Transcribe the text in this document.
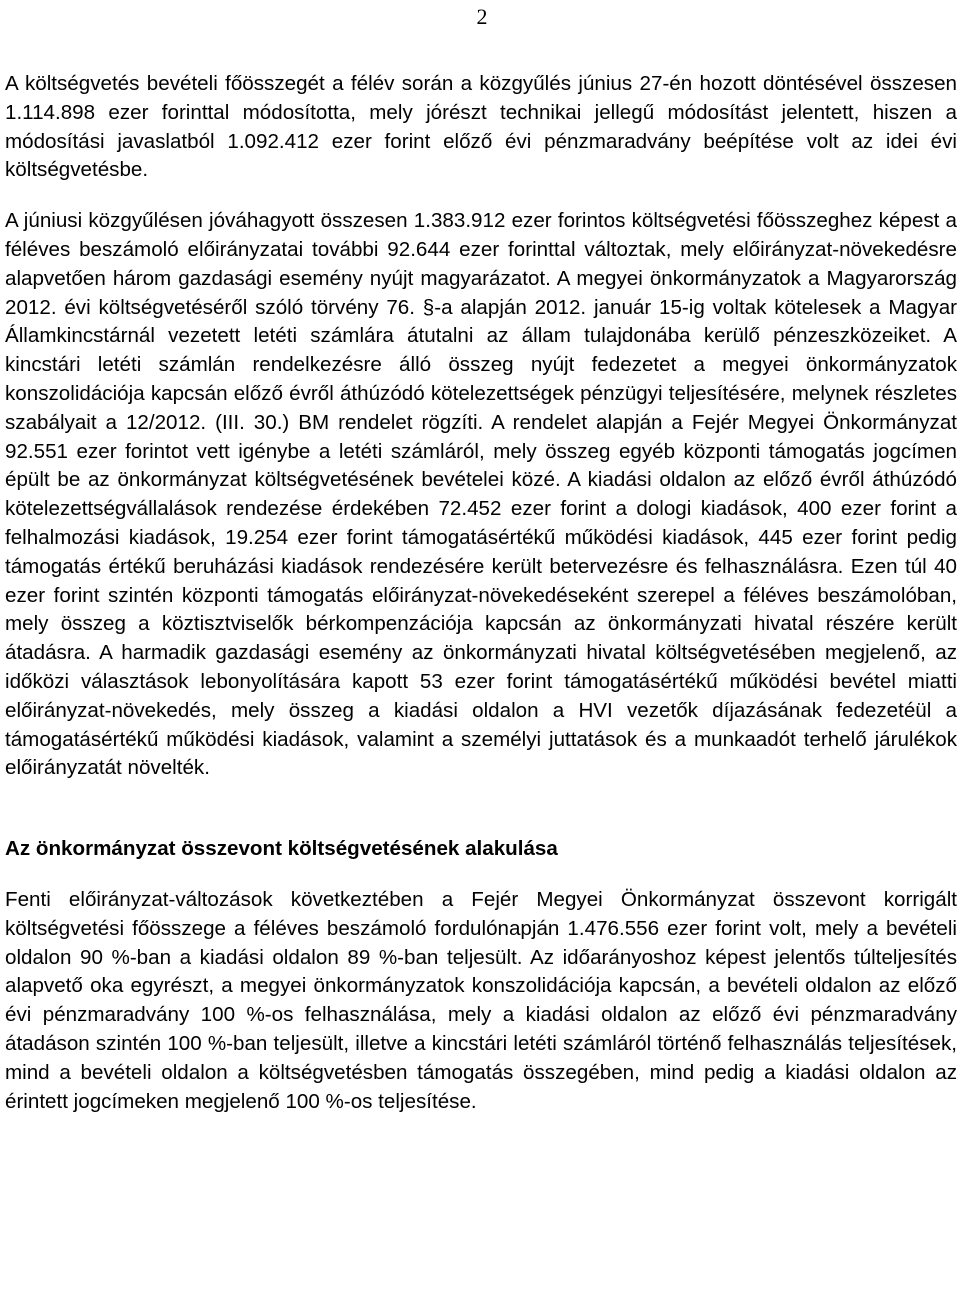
2

A költségvetés bevételi főösszegét a félév során a közgyűlés június 27-én hozott döntésével összesen 1.114.898 ezer forinttal módosította, mely jórészt technikai jellegű módosítást jelentett, hiszen a módosítási javaslatból 1.092.412 ezer forint előző évi pénzmaradvány beépítése volt az idei évi költségvetésbe.

A júniusi közgyűlésen jóváhagyott összesen 1.383.912 ezer forintos költségvetési főösszeghez képest a féléves beszámoló előirányzatai további 92.644 ezer forinttal változtak, mely előirányzat-növekedésre alapvetően három gazdasági esemény nyújt magyarázatot. A megyei önkormányzatok a Magyarország 2012. évi költségvetéséről szóló törvény 76. §-a alapján 2012. január 15-ig voltak kötelesek a Magyar Államkincstárnál vezetett letéti számlára átutalni az állam tulajdonába kerülő pénzeszközeiket. A kincstári letéti számlán rendelkezésre álló összeg nyújt fedezetet a megyei önkormányzatok konszolidációja kapcsán előző évről áthúzódó kötelezettségek pénzügyi teljesítésére, melynek részletes szabályait a 12/2012. (III. 30.) BM rendelet rögzíti. A rendelet alapján a Fejér Megyei Önkormányzat 92.551 ezer forintot vett igénybe a letéti számláról, mely összeg egyéb központi támogatás jogcímen épült be az önkormányzat költségvetésének bevételei közé. A kiadási oldalon az előző évről áthúzódó kötelezettségvállalások rendezése érdekében 72.452 ezer forint a dologi kiadások, 400 ezer forint a felhalmozási kiadások, 19.254 ezer forint támogatásértékű működési kiadások, 445 ezer forint pedig támogatás értékű beruházási kiadások rendezésére került betervezésre és felhasználásra. Ezen túl 40 ezer forint szintén központi támogatás előirányzat-növekedéseként szerepel a féléves beszámolóban, mely összeg a köztisztviselők bérkompenzációja kapcsán az önkormányzati hivatal részére került átadásra. A harmadik gazdasági esemény az önkormányzati hivatal költségvetésében megjelenő, az időközi választások lebonyolítására kapott 53 ezer forint támogatásértékű működési bevétel miatti előirányzat-növekedés, mely összeg a kiadási oldalon a HVI vezetők díjazásának fedezetéül a támogatásértékű működési kiadások, valamint a személyi juttatások és a munkaadót terhelő járulékok előirányzatát növelték.

Az önkormányzat összevont költségvetésének alakulása

Fenti előirányzat-változások következtében a Fejér Megyei Önkormányzat összevont korrigált költségvetési főösszege a féléves beszámoló fordulónapján 1.476.556 ezer forint volt, mely a bevételi oldalon 90 %-ban a kiadási oldalon 89 %-ban teljesült. Az időarányoshoz képest jelentős túlteljesítés alapvető oka egyrészt, a megyei önkormányzatok konszolidációja kapcsán, a bevételi oldalon az előző évi pénzmaradvány 100 %-os felhasználása, mely a kiadási oldalon az előző évi pénzmaradvány átadáson szintén 100 %-ban teljesült, illetve a kincstári letéti számláról történő felhasználás teljesítések, mind a bevételi oldalon a költségvetésben támogatás összegében, mind pedig a kiadási oldalon az érintett jogcímeken megjelenő 100 %-os teljesítése.
